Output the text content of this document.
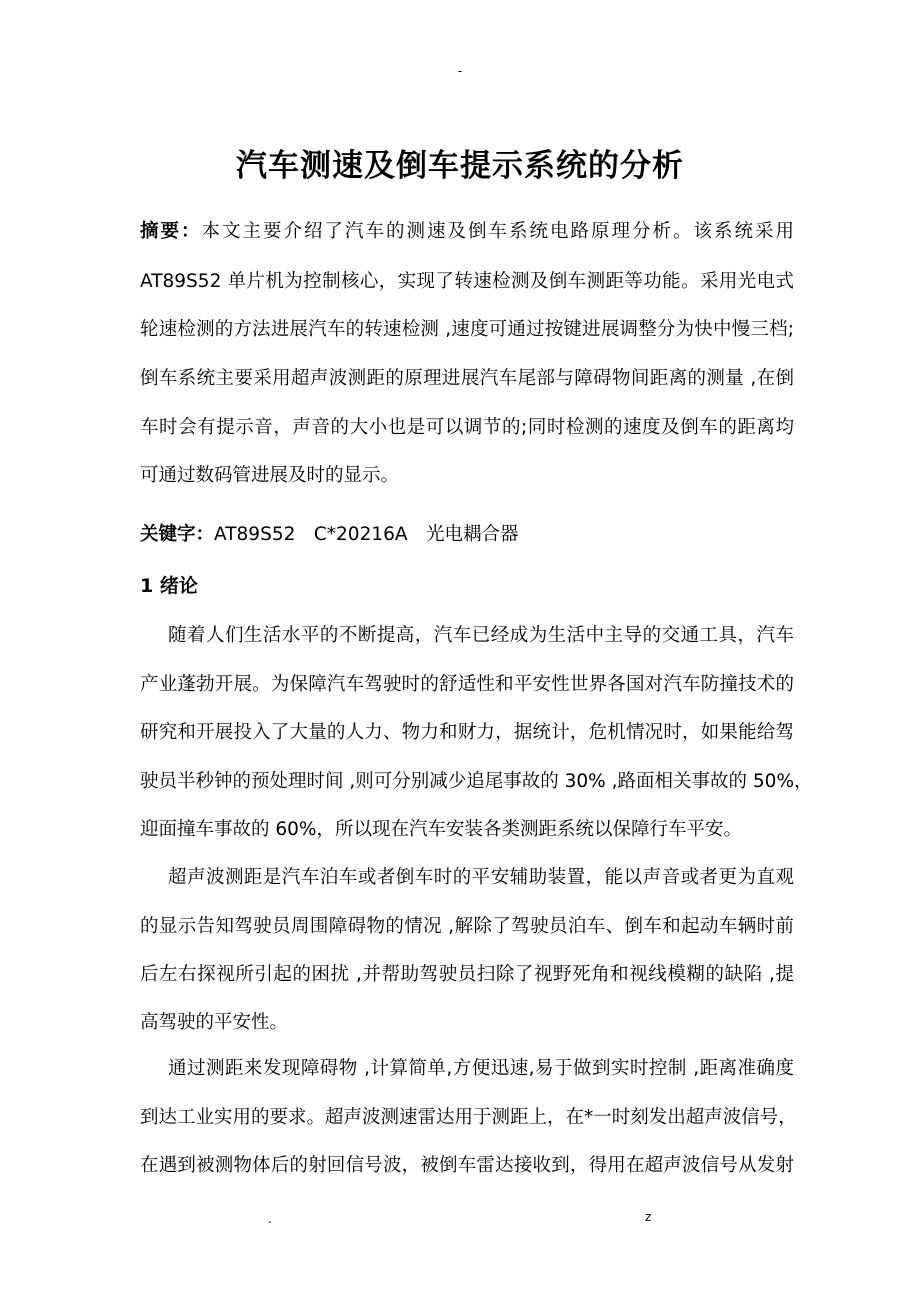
-
汽车测速及倒车提示系统的分析
摘要：本文主要介绍了汽车的测速及倒车系统电路原理分析。该系统采用
AT89S52 单片机为控制核心，实现了转速检测及倒车测距等功能。采用光电式
轮速检测的方法进展汽车的转速检测 ,速度可通过按键进展调整分为快中慢三档;
倒车系统主要采用超声波测距的原理进展汽车尾部与障碍物间距离的测量 ,在倒
车时会有提示音，声音的大小也是可以调节的;同时检测的速度及倒车的距离均
可通过数码管进展及时的显示。
关键字：AT89S52　C*20216A　光电耦合器
1 绪论
随着人们生活水平的不断提高，汽车已经成为生活中主导的交通工具，汽车
产业蓬勃开展。为保障汽车驾驶时的舒适性和平安性世界各国对汽车防撞技术的
研究和开展投入了大量的人力、物力和财力，据统计，危机情况时，如果能给驾
驶员半秒钟的预处理时间 ,则可分别减少追尾事故的 30% ,路面相关事故的 50%，
迎面撞车事故的 60%，所以现在汽车安装各类测距系统以保障行车平安。
超声波测距是汽车泊车或者倒车时的平安辅助装置，能以声音或者更为直观
的显示告知驾驶员周围障碍物的情况 ,解除了驾驶员泊车、倒车和起动车辆时前
后左右探视所引起的困扰 ,并帮助驾驶员扫除了视野死角和视线模糊的缺陷 ,提
高驾驶的平安性。
通过测距来发现障碍物 ,计算简单,方便迅速,易于做到实时控制 ,距离准确度
到达工业实用的要求。超声波测速雷达用于测距上，在*一时刻发出超声波信号，
在遇到被测物体后的射回信号波，被倒车雷达接收到，得用在超声波信号从发射
.	z
